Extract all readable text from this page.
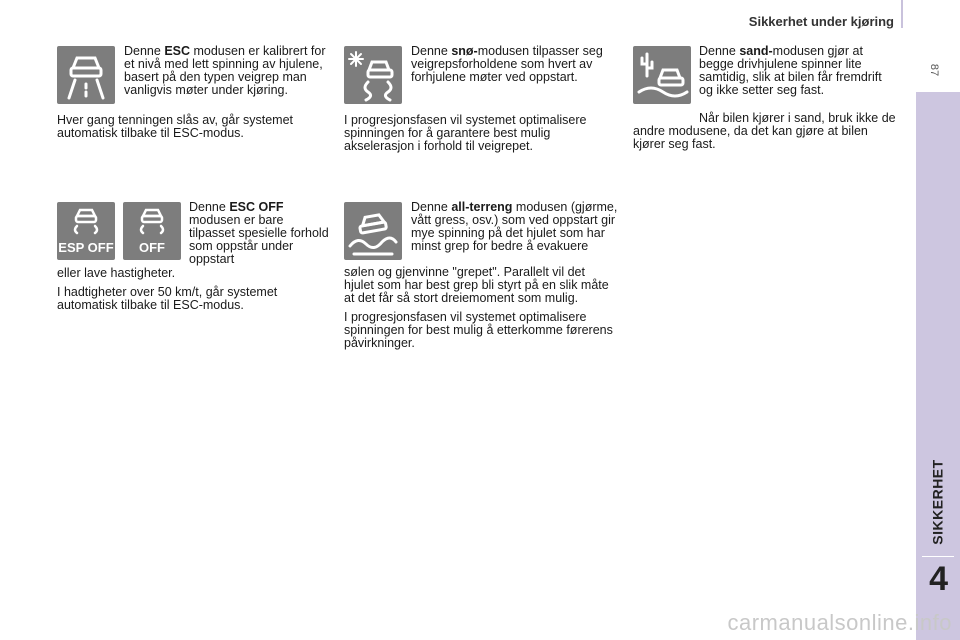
Sikkerhet under kjøring
87
SIKKERHET
4
Denne ESC modusen er kalibrert for et nivå med lett spinning av hjulene, basert på den typen veigrep man vanligvis møter under kjøring.

Hver gang tenningen slås av, går systemet automatisk tilbake til ESC-modus.

Denne snø-modusen tilpasser seg veigrepsforholdene som hvert av forhjulene møter ved oppstart.

I progresjonsfasen vil systemet optimalisere spinningen for å garantere best mulig akselerasjon i forhold til veigrepet.

Denne sand-modusen gjør at begge drivhjulene spinner lite samtidig, slik at bilen får fremdrift og ikke setter seg fast.

Når bilen kjører i sand, bruk ikke de andre modusene, da det kan gjøre at bilen kjører seg fast.

ESP OFF OFF
Denne ESC OFF modusen er bare tilpasset spesielle forhold som oppstår under oppstart

eller lave hastigheter.

I hadtigheter over 50 km/t, går systemet automatisk tilbake til ESC-modus.

Denne all-terreng modusen (gjørme, vått gress, osv.) som ved oppstart gir mye spinning på det hjulet som har minst grep for bedre å evakuere

sølen og gjenvinne "grepet". Parallelt vil det hjulet som har best grep bli styrt på en slik måte at det får så stort dreiemoment som mulig.

I progresjonsfasen vil systemet optimalisere spinningen for best mulig å etterkomme førerens påvirkninger.

carmanualsonline.info
